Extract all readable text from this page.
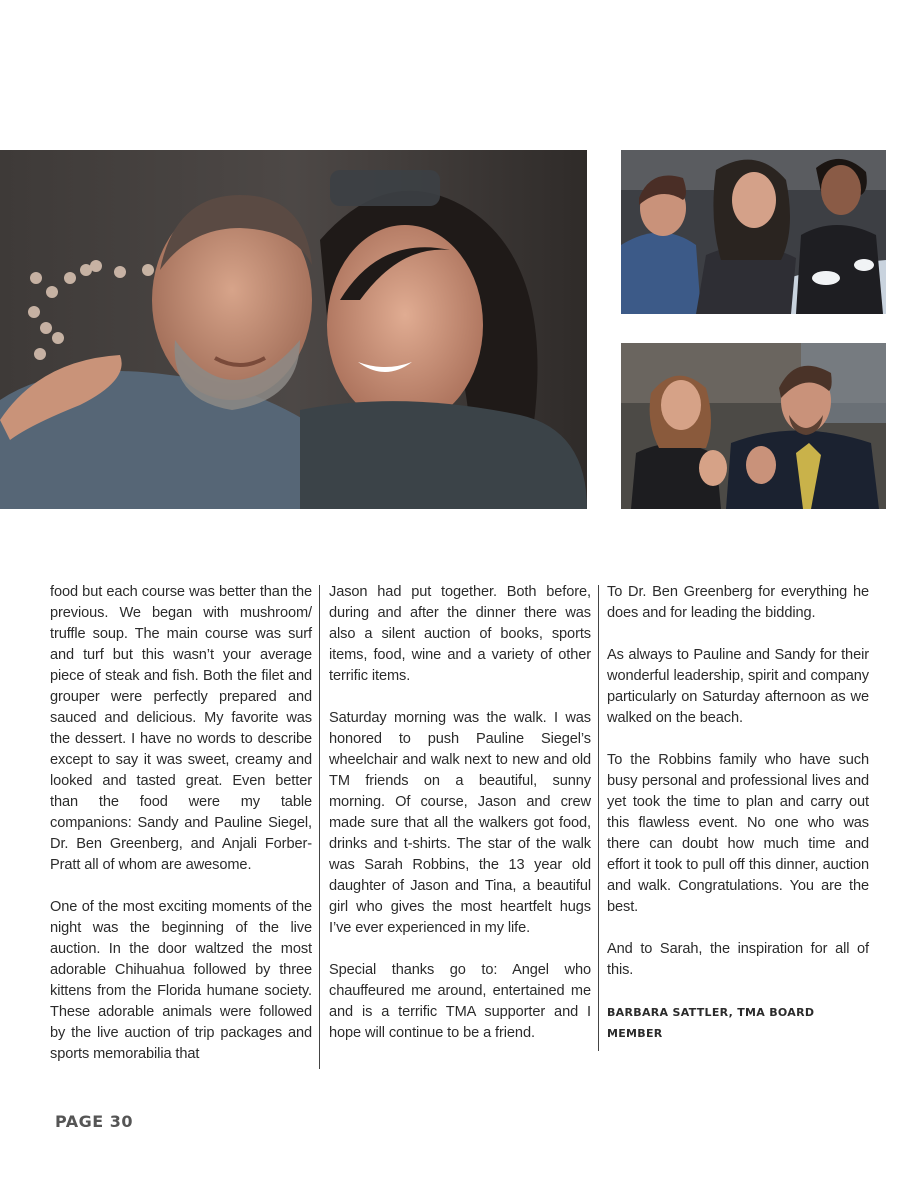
food but each course was better than the previous. We began with mushroom/ truffle soup. The main course was surf and turf but this wasn’t your average piece of steak and fish. Both the filet and grouper were perfectly prepared and sauced and delicious. My favorite was the dessert. I have no words to describe except to say it was sweet, creamy and looked and tasted great. Even better than the food were my table companions: Sandy and Pauline Siegel, Dr. Ben Greenberg, and Anjali Forber-Pratt all of whom are awesome.

One of the most exciting moments of the night was the beginning of the live auction. In the door waltzed the most adorable Chihuahua followed by three kittens from the Florida humane society. These adorable animals were followed by the live auction of trip packages and sports memorabilia that

Jason had put together. Both before, during and after the dinner there was also a silent auction of books, sports items, food, wine and a variety of other terrific items.

Saturday morning was the walk. I was honored to push Pauline Siegel’s wheelchair and walk next to new and old TM friends on a beautiful, sunny morning. Of course, Jason and crew made sure that all the walkers got food, drinks and t-shirts. The star of the walk was Sarah Robbins, the 13 year old daughter of Jason and Tina, a beautiful girl who gives the most heartfelt hugs I’ve ever experienced in my life.

Special thanks go to: Angel who chauffeured me around, entertained me and is a terrific TMA supporter and I hope will continue to be a friend.

To Dr. Ben Greenberg for everything he does and for leading the bidding.

As always to Pauline and Sandy for their wonderful leadership, spirit and company particularly on Saturday afternoon as we walked on the beach.

To the Robbins family who have such busy personal and professional lives and yet took the time to plan and carry out this flawless event. No one who was there can doubt how much time and effort it took to pull off this dinner, auction and walk. Congratulations. You are the best.

And to Sarah, the inspiration for all of this.

BARBARA SATTLER, TMA BOARD MEMBER
PAGE 30
